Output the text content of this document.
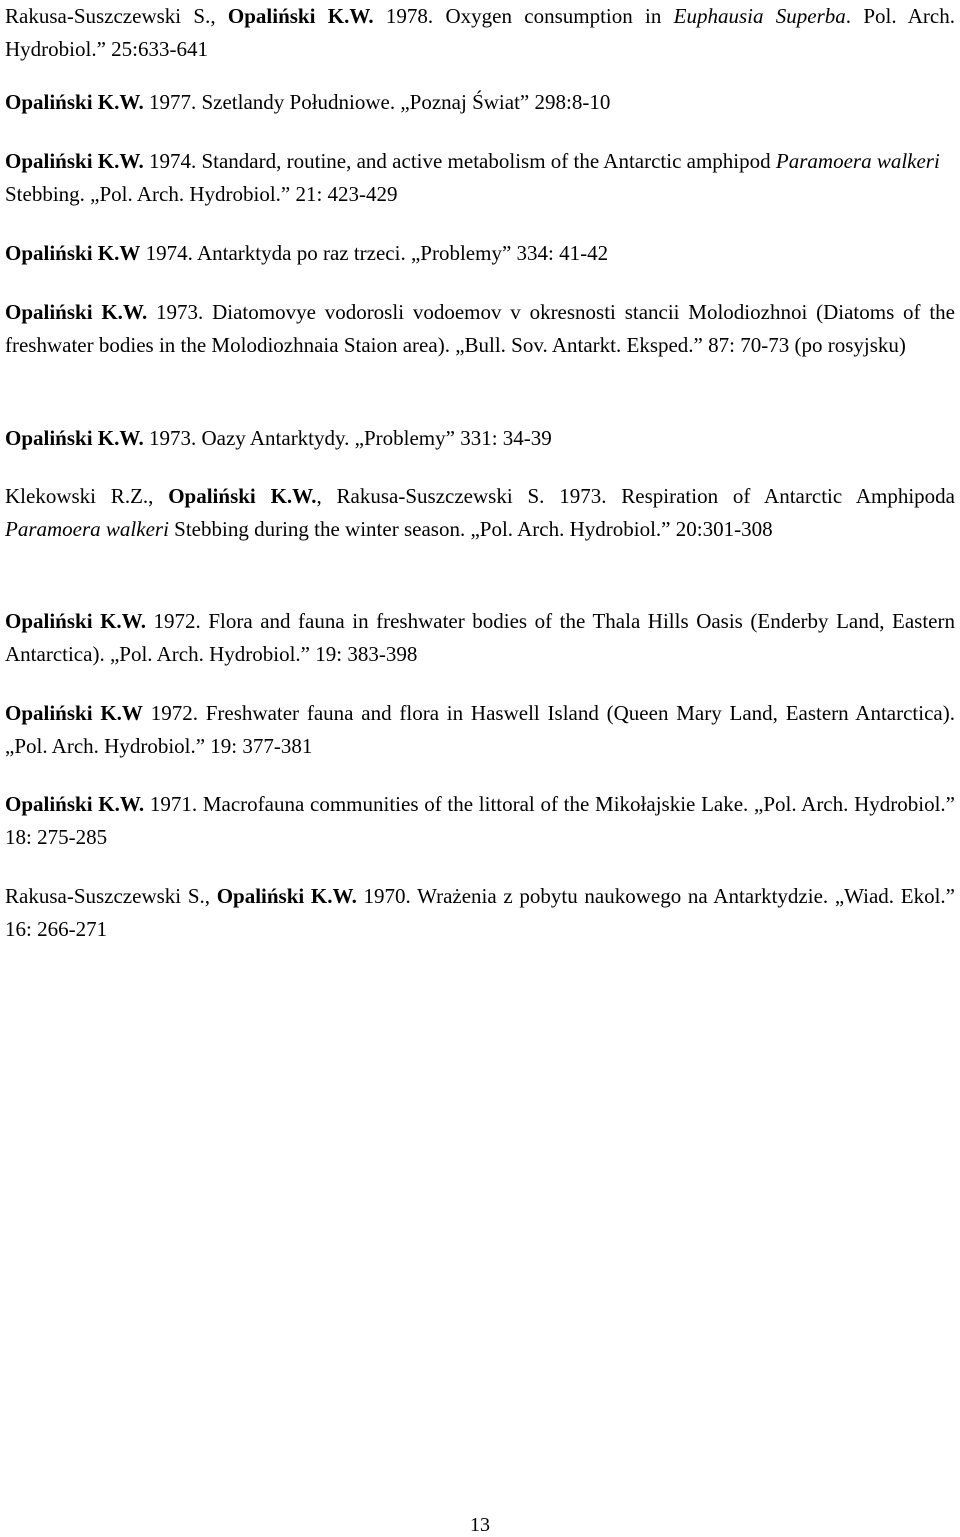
Rakusa-Suszczewski S., Opaliński K.W. 1978. Oxygen consumption in Euphausia Superba. Pol. Arch. Hydrobiol.” 25:633-641

Opaliński K.W. 1977. Szetlandy Południowe. „Poznaj Świat” 298:8-10

Opaliński K.W. 1974. Standard, routine, and active metabolism of the Antarctic amphipod Paramoera walkeri Stebbing. „Pol. Arch. Hydrobiol.” 21: 423-429

Opaliński K.W 1974. Antarktyda po raz trzeci. „Problemy” 334: 41-42

Opaliński K.W. 1973. Diatomovye vodorosli vodoemov v okresnosti stancii Molodiozhnoi (Diatoms of the freshwater bodies in the Molodiozhnaia Staion area). „Bull. Sov. Antarkt. Eksped.” 87: 70-73 (po rosyjsku)

Opaliński K.W. 1973. Oazy Antarktydy. „Problemy” 331: 34-39

Klekowski R.Z., Opaliński K.W., Rakusa-Suszczewski S. 1973. Respiration of Antarctic Amphipoda Paramoera walkeri Stebbing during the winter season. „Pol. Arch. Hydrobiol.” 20:301-308

Opaliński K.W. 1972. Flora and fauna in freshwater bodies of the Thala Hills Oasis (Enderby Land, Eastern Antarctica). „Pol. Arch. Hydrobiol.” 19: 383-398

Opaliński K.W 1972. Freshwater fauna and flora in Haswell Island (Queen Mary Land, Eastern Antarctica). „Pol. Arch. Hydrobiol.” 19: 377-381

Opaliński K.W. 1971. Macrofauna communities of the littoral of the Mikołajskie Lake. „Pol. Arch. Hydrobiol.” 18: 275-285

Rakusa-Suszczewski S., Opaliński K.W. 1970. Wrażenia z pobytu naukowego na Antarktydzie. „Wiad. Ekol.” 16: 266-271

13
